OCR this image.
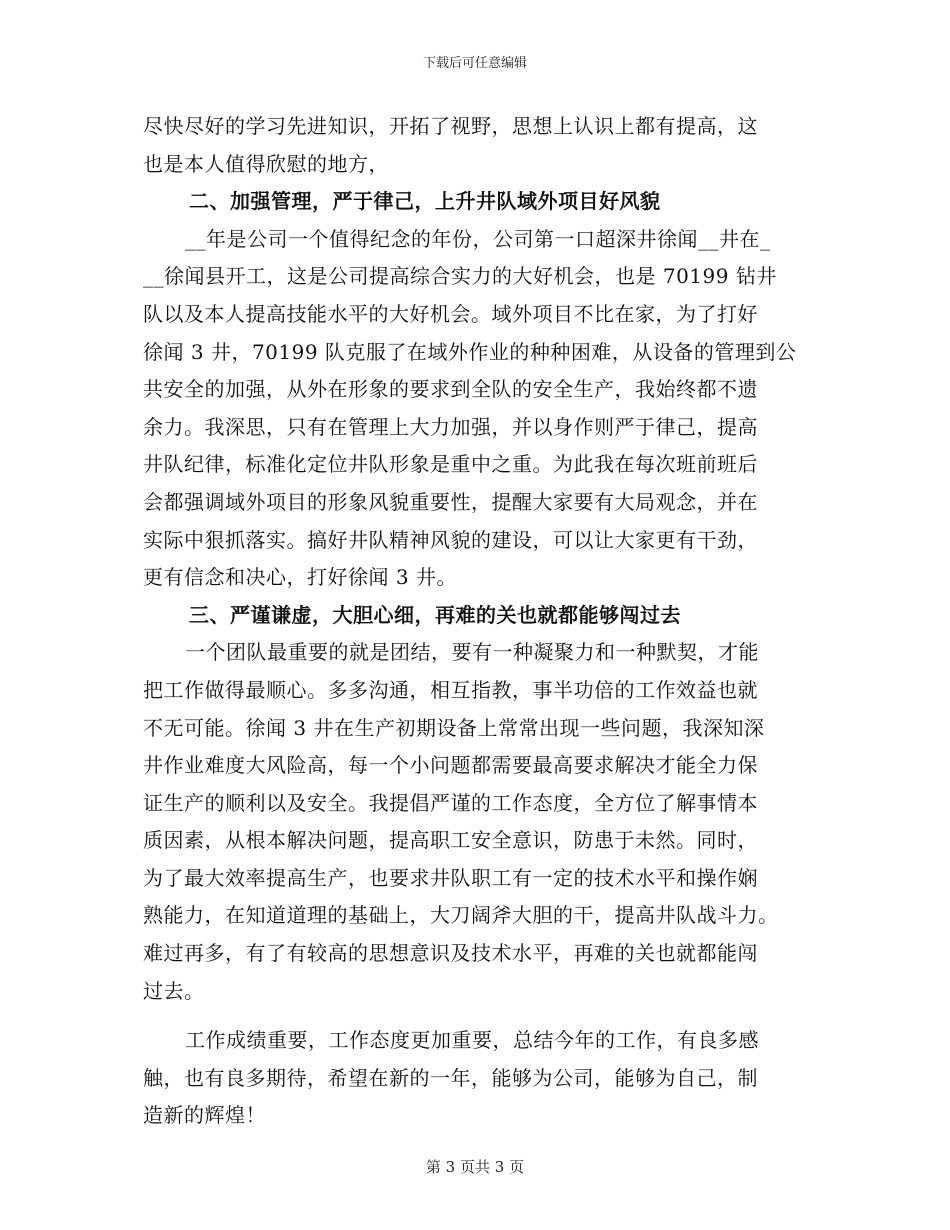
下载后可任意编辑
尽快尽好的学习先进知识，开拓了视野，思想上认识上都有提高，这
也是本人值得欣慰的地方，
二、加强管理，严于律己，上升井队域外项目好风貌
__年是公司一个值得纪念的年份，公司第一口超深井徐闻__井在_
__徐闻县开工，这是公司提高综合实力的大好机会，也是 70199 钻井
队以及本人提高技能水平的大好机会。域外项目不比在家，为了打好
徐闻 3 井，70199 队克服了在域外作业的种种困难，从设备的管理到公
共安全的加强，从外在形象的要求到全队的安全生产，我始终都不遗
余力。我深思，只有在管理上大力加强，并以身作则严于律己，提高
井队纪律，标准化定位井队形象是重中之重。为此我在每次班前班后
会都强调域外项目的形象风貌重要性，提醒大家要有大局观念，并在
实际中狠抓落实。搞好井队精神风貌的建设，可以让大家更有干劲，
更有信念和决心，打好徐闻 3 井。
三、严谨谦虚，大胆心细，再难的关也就都能够闯过去
一个团队最重要的就是团结，要有一种凝聚力和一种默契，才能
把工作做得最顺心。多多沟通，相互指教，事半功倍的工作效益也就
不无可能。徐闻 3 井在生产初期设备上常常出现一些问题，我深知深
井作业难度大风险高，每一个小问题都需要最高要求解决才能全力保
证生产的顺利以及安全。我提倡严谨的工作态度，全方位了解事情本
质因素，从根本解决问题，提高职工安全意识，防患于未然。同时，
为了最大效率提高生产，也要求井队职工有一定的技术水平和操作娴
熟能力，在知道道理的基础上，大刀阔斧大胆的干，提高井队战斗力。
难过再多，有了有较高的思想意识及技术水平，再难的关也就都能闯
过去。
工作成绩重要，工作态度更加重要，总结今年的工作，有良多感
触，也有良多期待，希望在新的一年，能够为公司，能够为自己，制
造新的辉煌！
第 3 页共 3 页
